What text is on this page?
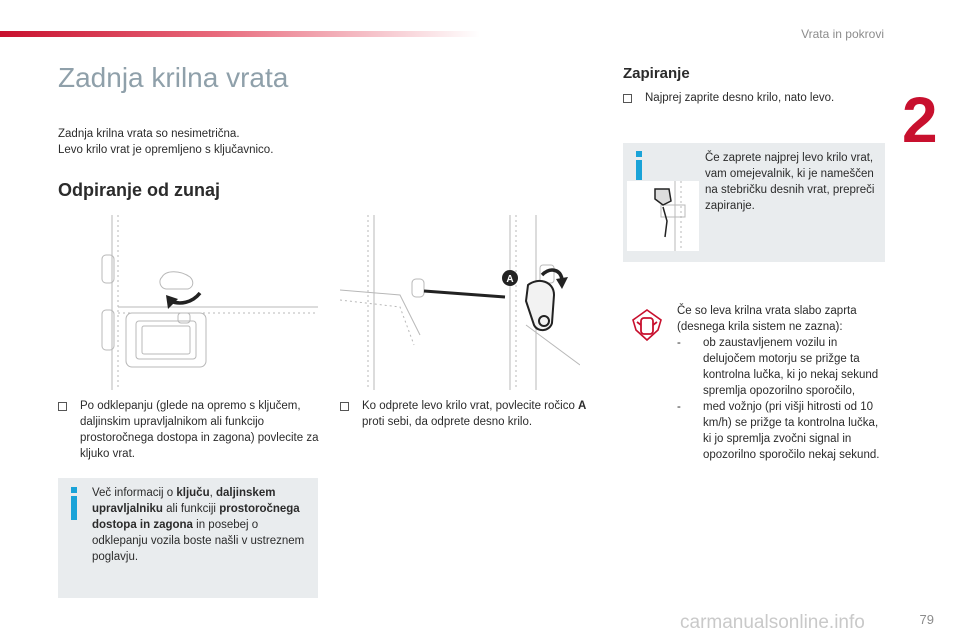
Vrata in pokrovi
2
Zadnja krilna vrata
Zadnja krilna vrata so nesimetrična.
Levo krilo vrat je opremljeno s ključavnico.
Odpiranje od zunaj
Po odklepanju (glede na opremo s ključem, daljinskim upravljalnikom ali funkcijo prostoročnega dostopa in zagona) povlecite za kljuko vrat.
Več informacij o ključu, daljinskem upravljalniku ali funkciji prostoročnega dostopa in zagona in posebej o odklepanju vozila boste našli v ustreznem poglavju.
A
Ko odprete levo krilo vrat, povlecite ročico A proti sebi, da odprete desno krilo.
Zapiranje
Najprej zaprite desno krilo, nato levo.
Če zaprete najprej levo krilo vrat, vam omejevalnik, ki je nameščen na stebričku desnih vrat, prepreči zapiranje.
Če so leva krilna vrata slabo zaprta (desnega krila sistem ne zazna):
- ob zaustavljenem vozilu in delujočem motorju se prižge ta kontrolna lučka, ki jo nekaj sekund spremlja opozorilno sporočilo,
- med vožnjo (pri višji hitrosti od 10 km/h) se prižge ta kontrolna lučka, ki jo spremlja zvočni signal in opozorilno sporočilo nekaj sekund.
carmanualsonline.info	79
